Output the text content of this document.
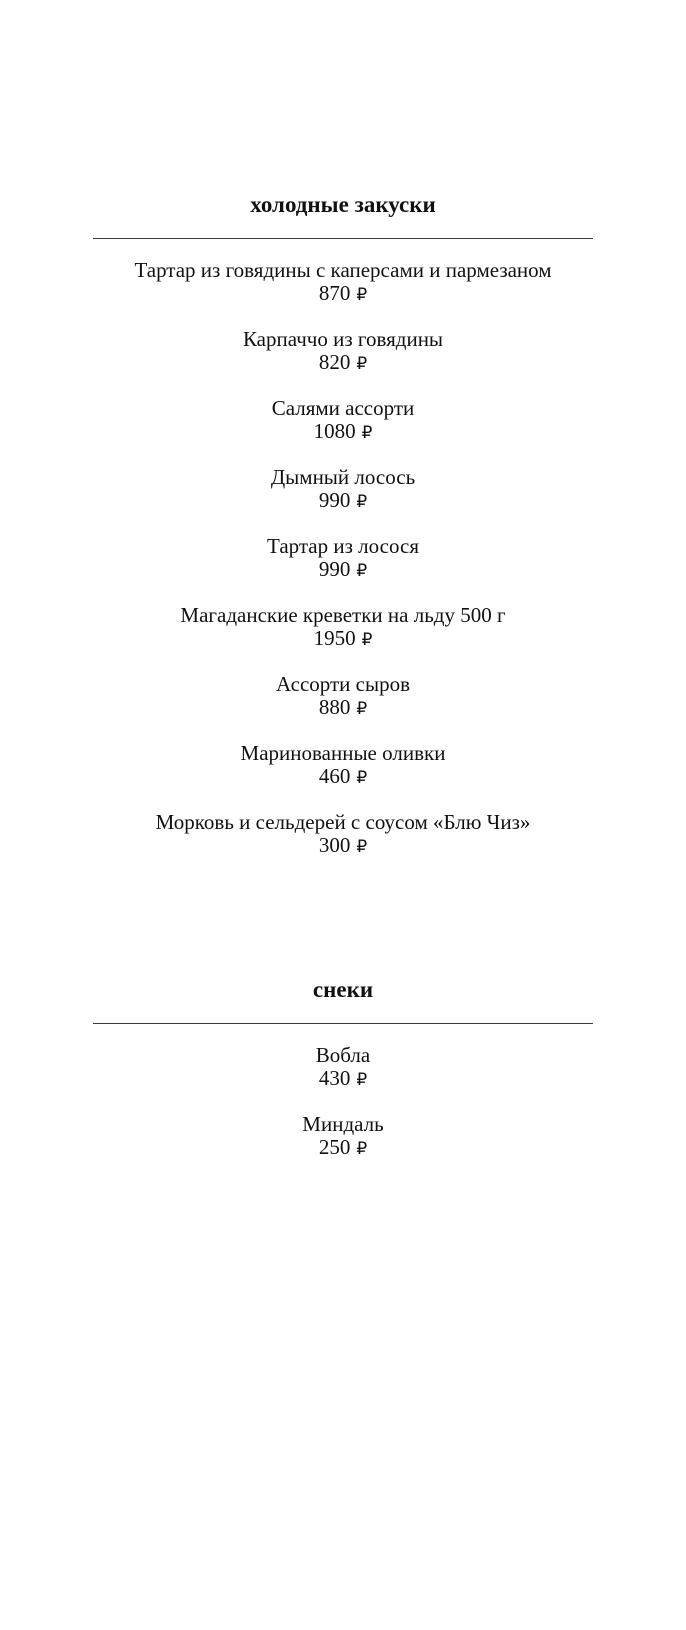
холодные закуски
Тартар из говядины с каперсами и пармезаном
870 ₽
Карпаччо из говядины
820 ₽
Салями ассорти
1080 ₽
Дымный лосось
990 ₽
Тартар из лосося
990 ₽
Магаданские креветки на льду 500 г
1950 ₽
Ассорти сыров
880 ₽
Маринованные оливки
460 ₽
Морковь и сельдерей с соусом «Блю Чиз»
300 ₽
снеки
Вобла
430 ₽
Миндаль
250 ₽
